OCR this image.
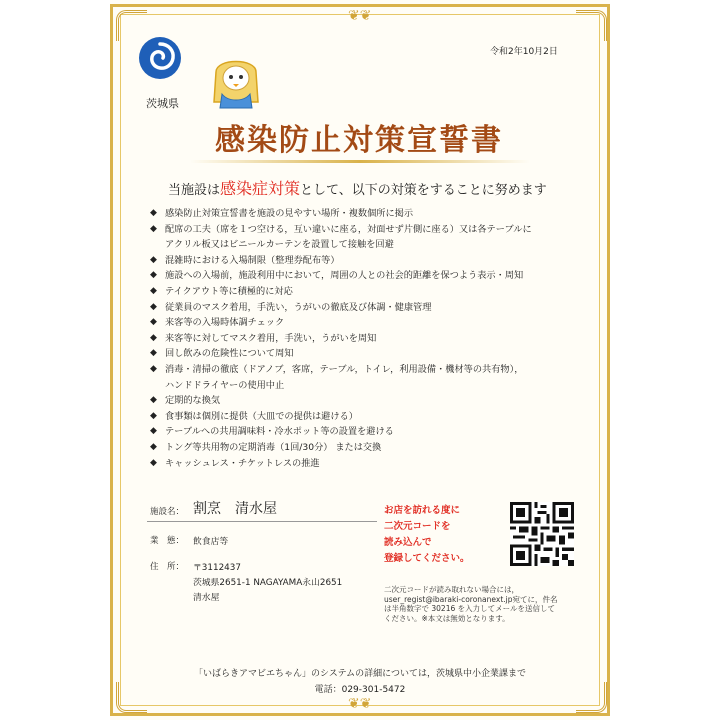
❦❦
❦❦
令和2年10月2日
茨城県
感染防止対策宣誓書
当施設は感染症対策として、以下の対策をすることに努めます
◆ 感染防止対策宣誓書を施設の見やすい場所・複数個所に掲示
◆ 配席の工夫（席を１つ空ける，互い違いに座る，対面せず片側に座る）又は各テーブルに
アクリル板又はビニールカーテンを設置して接触を回避
◆ 混雑時における入場制限（整理券配布等）
◆ 施設への入場前，施設利用中において，周囲の人との社会的距離を保つよう表示・周知
◆ テイクアウト等に積極的に対応
◆ 従業員のマスク着用，手洗い，うがいの徹底及び体調・健康管理
◆ 来客等の入場時体調チェック
◆ 来客等に対してマスク着用，手洗い，うがいを周知
◆ 回し飲みの危険性について周知
◆ 消毒・清掃の徹底（ドアノブ，客席，テーブル，トイレ，利用設備・機材等の共有物），
ハンドドライヤーの使用中止
◆ 定期的な換気
◆ 食事類は個別に提供（大皿での提供は避ける）
◆ テーブルへの共用調味料・冷水ポット等の設置を避ける
◆ トング等共用物の定期消毒（1回/30分） または交換
◆ キャッシュレス・チケットレスの推進
施設名： 割烹　清水屋
業　態： 飲食店等
住　所： 〒3112437
茨城県2651-1 NAGAYAMA永山2651
清水屋
お店を訪れる度に
二次元コードを
読み込んで
登録してください。
二次元コードが読み取れない場合には，
user_regist@ibaraki-coronanext.jp宛てに，件名
は半角数字で 30216 を入力してメールを送信して
ください。※本文は無効となります。
「いばらきアマビエちゃん」のシステムの詳細については，茨城県中小企業課まで
電話：029-301-5472
